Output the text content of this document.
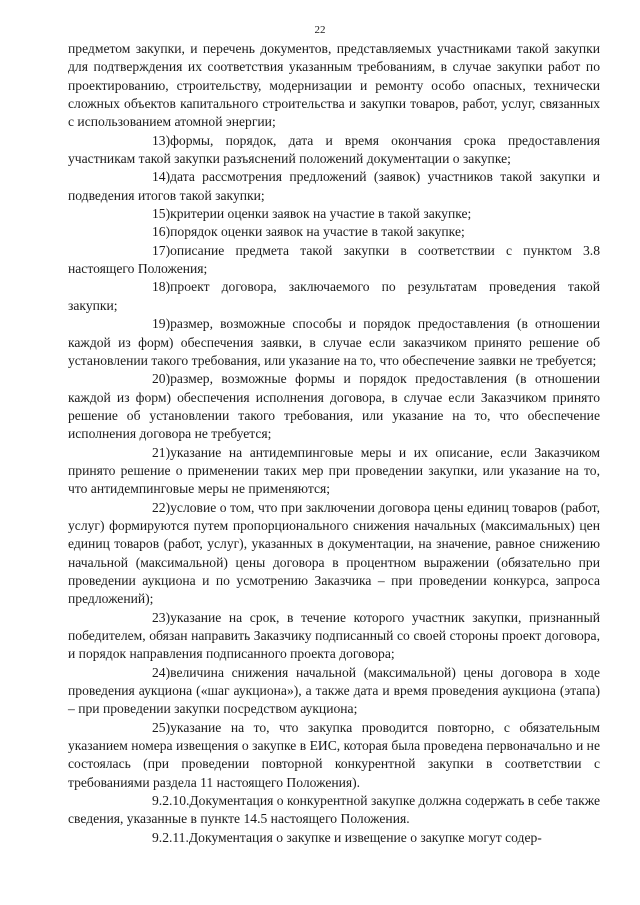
22

предметом закупки, и перечень документов, представляемых участниками такой закупки для подтверждения их соответствия указанным требованиям, в случае закупки работ по проектированию, строительству, модернизации и ремонту особо опасных, технически сложных объектов капитального строительства и закупки товаров, работ, услуг, связанных с использованием атомной энергии;

13)формы, порядок, дата и время окончания срока предоставления участникам такой закупки разъяснений положений документации о закупке;

14)дата рассмотрения предложений (заявок) участников такой закупки и подведения итогов такой закупки;

15)критерии оценки заявок на участие в такой закупке;

16)порядок оценки заявок на участие в такой закупке;

17)описание предмета такой закупки в соответствии с пунктом 3.8 настоящего Положения;

18)проект договора, заключаемого по результатам проведения такой закупки;

19)размер, возможные способы и порядок предоставления (в отношении каждой из форм) обеспечения заявки, в случае если заказчиком принято решение об установлении такого требования, или указание на то, что обеспечение заявки не требуется;

20)размер, возможные формы и порядок предоставления (в отношении каждой из форм) обеспечения исполнения договора, в случае если Заказчиком принято решение об установлении такого требования, или указание на то, что обеспечение исполнения договора не требуется;

21)указание на антидемпинговые меры и их описание, если Заказчиком принято решение о применении таких мер при проведении закупки, или указание на то, что антидемпинговые меры не применяются;

22)условие о том, что при заключении договора цены единиц товаров (работ, услуг) формируются путем пропорционального снижения начальных (максимальных) цен единиц товаров (работ, услуг), указанных в документации, на значение, равное снижению начальной (максимальной) цены договора в процентном выражении (обязательно при проведении аукциона и по усмотрению Заказчика – при проведении конкурса, запроса предложений);

23)указание на срок, в течение которого участник закупки, признанный победителем, обязан направить Заказчику подписанный со своей стороны проект договора, и порядок направления подписанного проекта договора;

24)величина снижения начальной (максимальной) цены договора в ходе проведения аукциона («шаг аукциона»), а также дата и время проведения аукциона (этапа) – при проведении закупки посредством аукциона;

25)указание на то, что закупка проводится повторно, с обязательным указанием номера извещения о закупке в ЕИС, которая была проведена первоначально и не состоялась (при проведении повторной конкурентной закупки в соответствии с требованиями раздела 11 настоящего Положения).

9.2.10.Документация о конкурентной закупке должна содержать в себе также сведения, указанные в пункте 14.5 настоящего Положения.

9.2.11.Документация о закупке и извещение о закупке могут содер-
